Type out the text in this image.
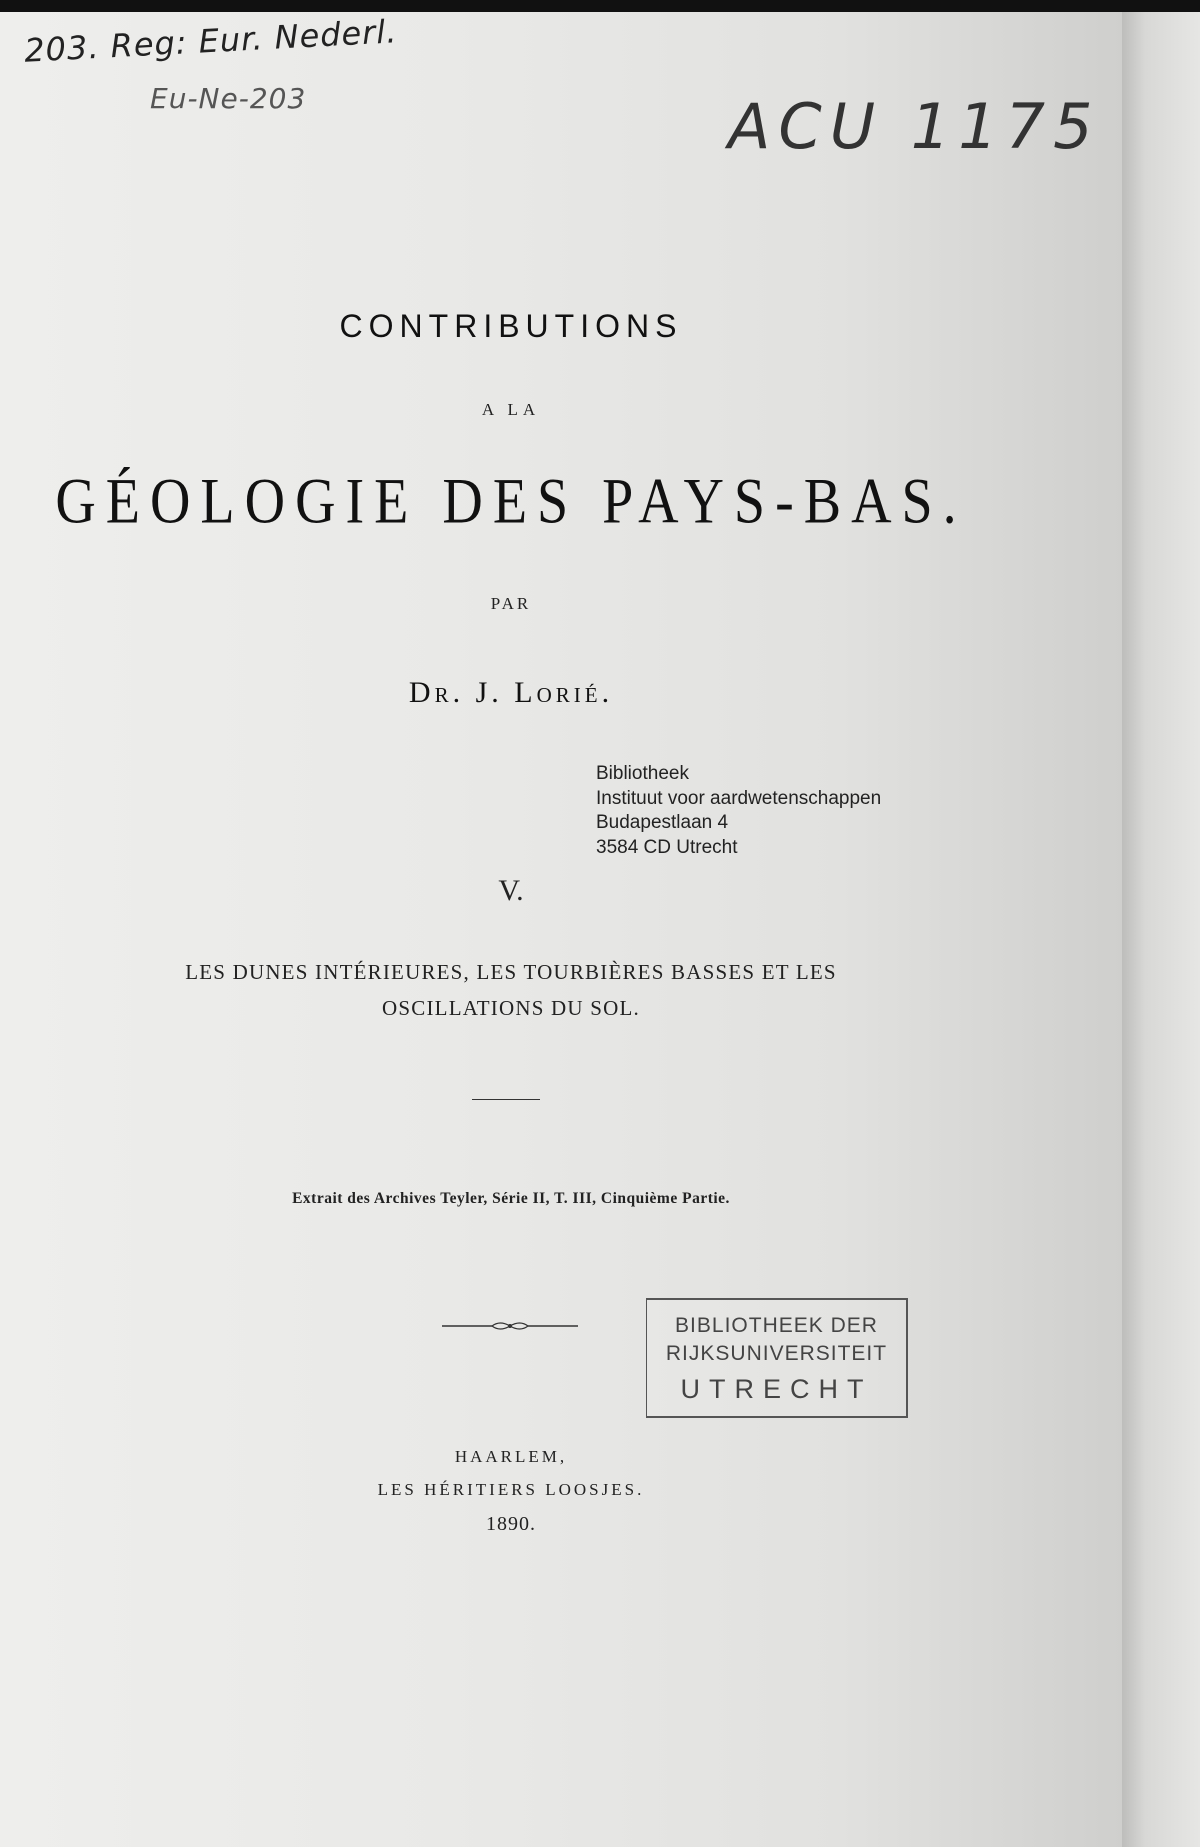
203. Reg: Eur. Nederl.
Eu-Ne-203	ACU 1175
CONTRIBUTIONS
A LA
GÉOLOGIE DES PAYS-BAS.
PAR
Dr. J. Lorié.
Bibliotheek
Instituut voor aardwetenschappen
Budapestlaan 4
3584 CD Utrecht
V.
LES DUNES INTÉRIEURES, LES TOURBIÈRES BASSES ET LES
OSCILLATIONS DU SOL.
Extrait des Archives Teyler, Série II, T. III, Cinquième Partie.
BIBLIOTHEEK DER
RIJKSUNIVERSITEIT
UTRECHT
HAARLEM,
LES HÉRITIERS LOOSJES.
1890.
